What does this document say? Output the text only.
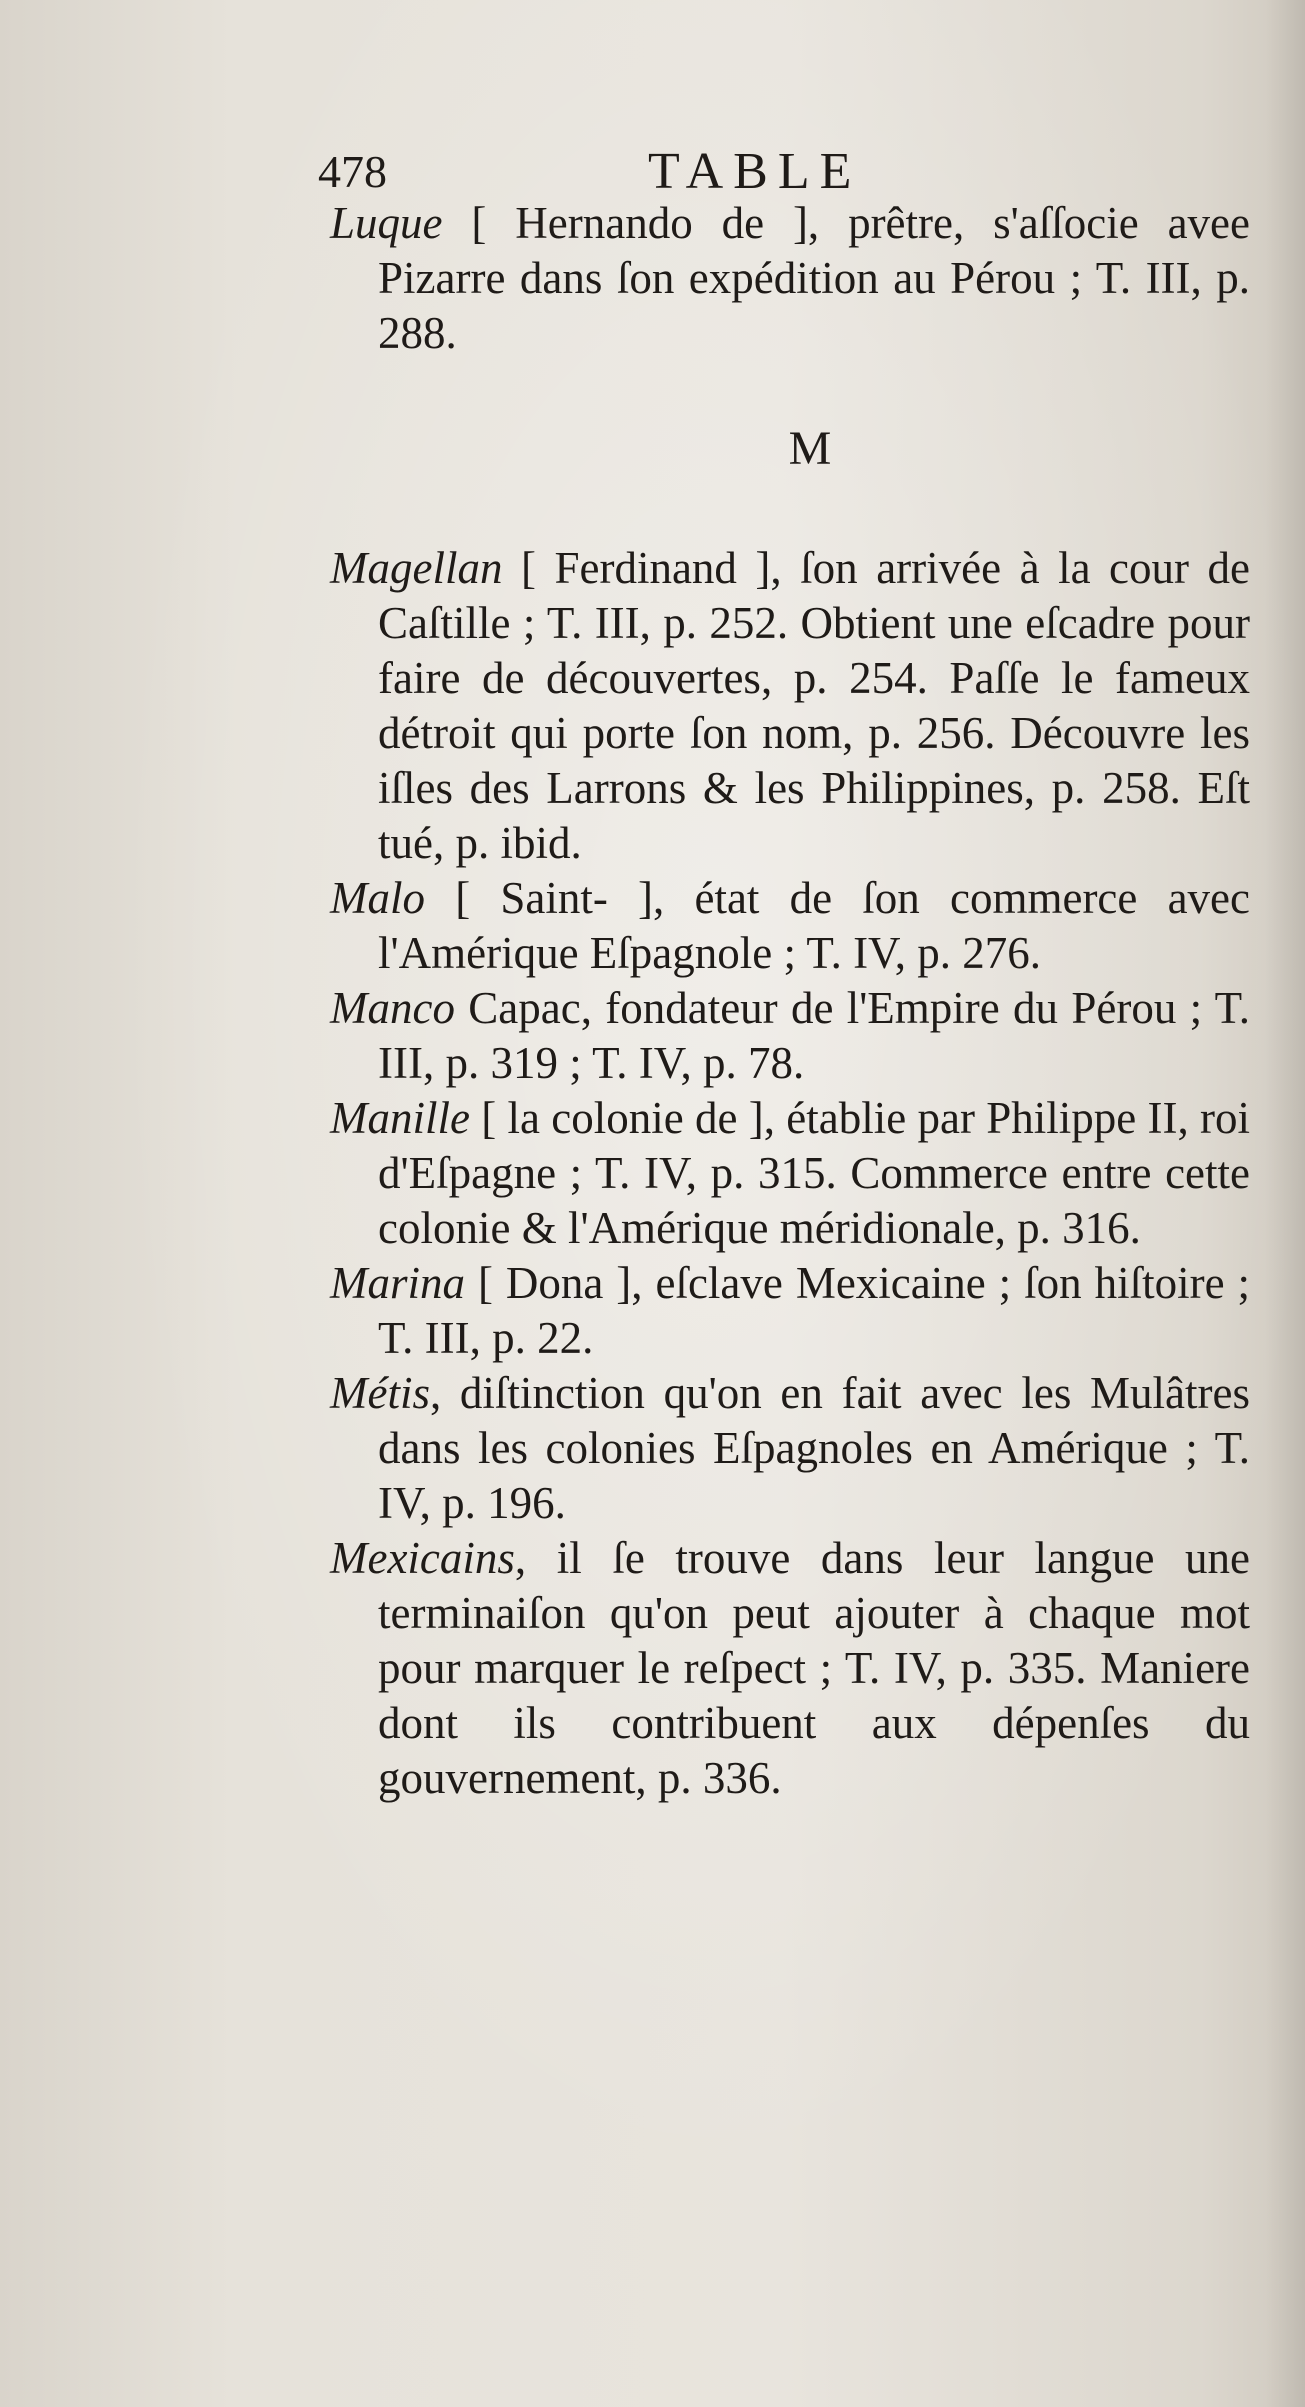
478	TABLE

Luque [ Hernando de ], prêtre, s'aſſocie avee Pizarre dans ſon expédition au Pérou ; T. III, p. 288.

M

Magellan [ Ferdinand ], ſon arrivée à la cour de Caſtille ; T. III, p. 252. Obtient une eſcadre pour faire de découvertes, p. 254. Paſſe le fameux détroit qui porte ſon nom, p. 256. Découvre les iſles des Larrons & les Philippines, p. 258. Eſt tué, p. ibid.

Malo [ Saint- ], état de ſon commerce avec l'Amérique Eſpagnole ; T. IV, p. 276.

Manco Capac, fondateur de l'Empire du Pérou ; T. III, p. 319 ; T. IV, p. 78.

Manille [ la colonie de ], établie par Philippe II, roi d'Eſpagne ; T. IV, p. 315. Commerce entre cette colonie & l'Amérique méridionale, p. 316.

Marina [ Dona ], eſclave Mexicaine ; ſon hiſtoire ; T. III, p. 22.

Métis, diſtinction qu'on en fait avec les Mulâtres dans les colonies Eſpagnoles en Amérique ; T. IV, p. 196.

Mexicains, il ſe trouve dans leur langue une terminaiſon qu'on peut ajouter à chaque mot pour marquer le reſpect ; T. IV, p. 335. Maniere dont ils contribuent aux dépenſes du gouvernement, p. 336.
